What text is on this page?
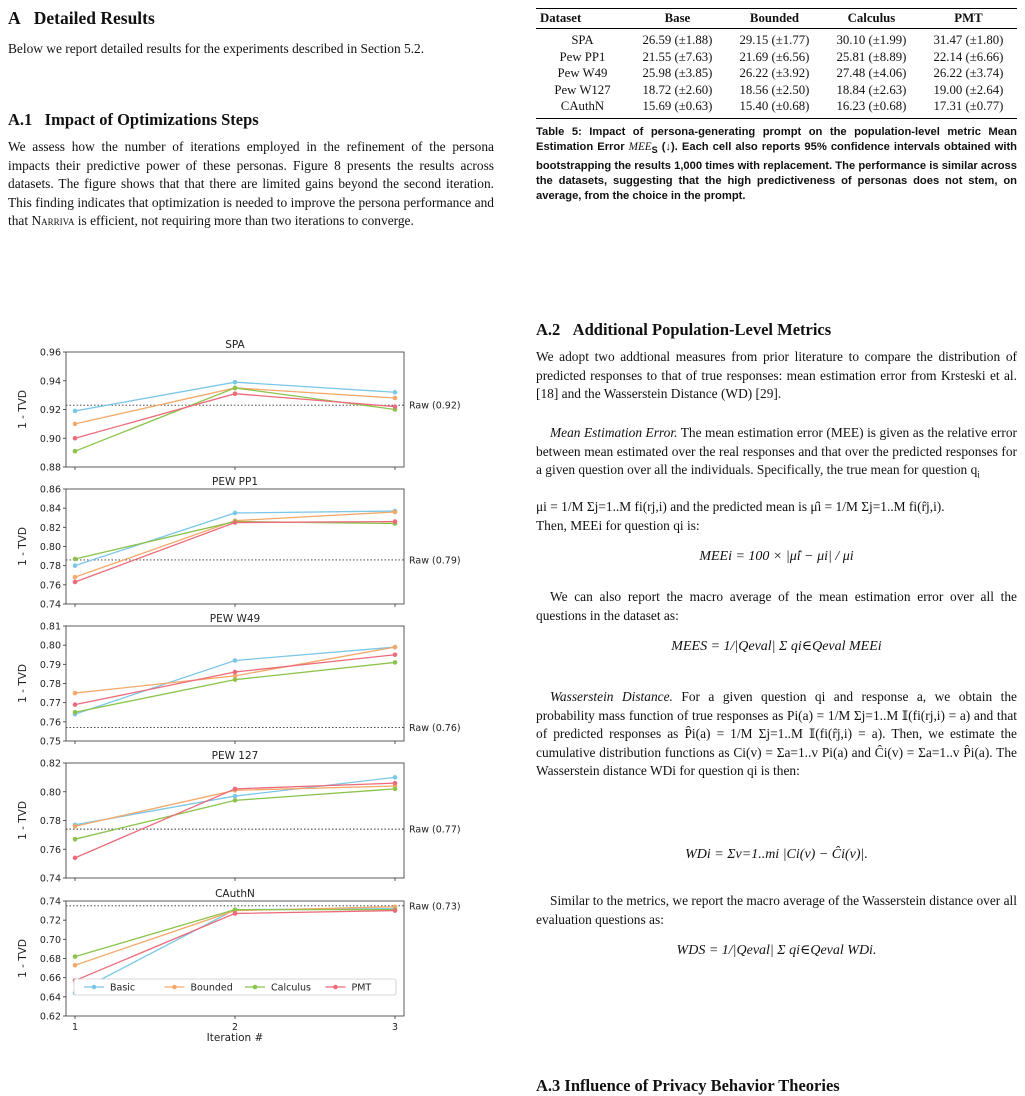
A Detailed Results

Below we report detailed results for the experiments described in Section 5.2.

A.1 Impact of Optimizations Steps

We assess how the number of iterations employed in the refinement of the persona impacts their predictive power of these personas. Figure 8 presents the results across datasets. The figure shows that that there are limited gains beyond the second iteration. This finding indicates that optimization is needed to improve the persona performance and that Narriva is efficient, not requiring more than two iterations to converge.

SPA
0.88
0.90
0.92
0.94
0.96
1 - TVD	Raw (0.92)
PEW PP1
0.74
0.76
0.78
0.80
0.82
0.84
0.86
1 - TVD	Raw (0.79)
PEW W49
0.75
0.76
0.77
0.78
0.79
0.80
0.81
1 - TVD
Raw (0.76)
PEW 127
0.74
0.76
0.78
0.80
0.82
1 - TVD	Raw (0.77)
CAuthN
0.62
0.64
0.66
0.68
0.70
0.72
0.74
1 - TVD
Raw (0.73)
1	2	3
Iteration #
Basic	Bounded	Calculus	PMT
Dataset	Base	Bounded	Calculus	PMT
SPA	26.59 (±1.88)	29.15 (±1.77)	30.10 (±1.99)	31.47 (±1.80)
Pew PP1	21.55 (±7.63)	21.69 (±6.56)	25.81 (±8.89)	22.14 (±6.66)
Pew W49	25.98 (±3.85)	26.22 (±3.92)	27.48 (±4.06)	26.22 (±3.74)
Pew W127	18.72 (±2.60)	18.56 (±2.50)	18.84 (±2.63)	19.00 (±2.64)
CAuthN	15.69 (±0.63)	15.40 (±0.68)	16.23 (±0.68)	17.31 (±0.77)

Table 5: Impact of persona-generating prompt on the population-level metric Mean Estimation Error $MEE_S$ (↓). Each cell also reports 95% confidence intervals obtained with bootstrapping the results 1,000 times with replacement. The performance is similar across the datasets, suggesting that the high predictiveness of personas does not stem, on average, from the choice in the prompt.

A.2 Additional Population-Level Metrics

We adopt two addtional measures from prior literature to compare the distribution of predicted responses to that of true responses: mean estimation error from Krsteski et al. [18] and the Wasserstein Distance (WD) [29].

Mean Estimation Error. The mean estimation error (MEE) is given as the relative error between mean estimated over the real responses and that over the predicted responses for a given question over all the individuals. Specifically, the true mean for question $q_i$

μi = 1/M Σj=1..M fi(rj,i) and the predicted mean is μ̂i = 1/M Σj=1..M fi(r̂j,i).

Then, MEEi for question qi is:

MEEi = 100 × |μ̂i − μi| / μi

We can also report the macro average of the mean estimation error over all the questions in the dataset as:

MEES = 1/|Qeval| Σ qi∈Qeval MEEi

Wasserstein Distance. For a given question qi and response a, we obtain the probability mass function of true responses as Pi(a) = 1/M Σj=1..M 𝕀(fi(rj,i) = a) and that of predicted responses as P̂i(a) = 1/M Σj=1..M 𝕀(fi(r̂j,i) = a). Then, we estimate the cumulative distribution functions as Ci(v) = Σa=1..v Pi(a) and Ĉi(v) = Σa=1..v P̂i(a). The Wasserstein distance WDi for question qi is then:

WDi = Σv=1..mi |Ci(v) − Ĉi(v)|.

Similar to the metrics, we report the macro average of the Wasserstein distance over all evaluation questions as:

WDS = 1/|Qeval| Σ qi∈Qeval WDi.

A.3 Influence of Privacy Behavior Theories
